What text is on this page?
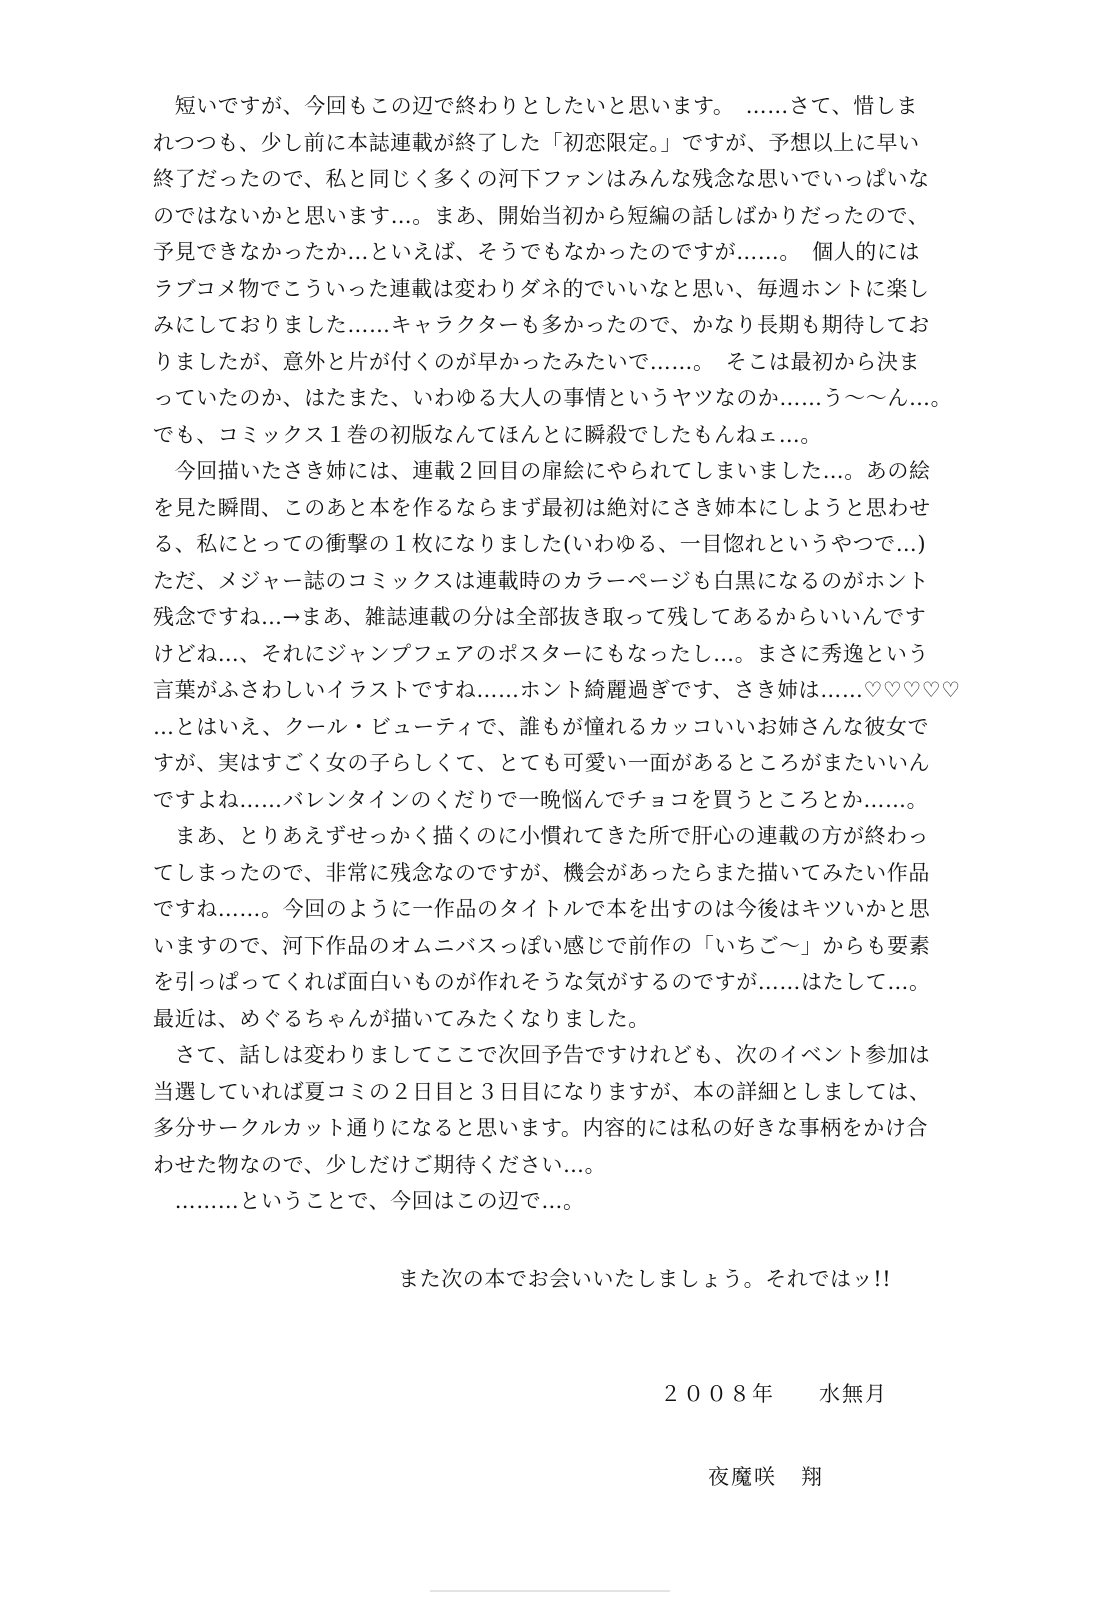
　短いですが、今回もこの辺で終わりとしたいと思います。　……さて、惜しま
れつつも、少し前に本誌連載が終了した「初恋限定。」ですが、予想以上に早い
終了だったので、私と同じく多くの河下ファンはみんな残念な思いでいっぱいな
のではないかと思います…。まあ、開始当初から短編の話しばかりだったので、
予見できなかったか…といえば、そうでもなかったのですが……。　個人的には
ラブコメ物でこういった連載は変わりダネ的でいいなと思い、毎週ホントに楽し
みにしておりました……キャラクターも多かったので、かなり長期も期待してお
りましたが、意外と片が付くのが早かったみたいで……。　そこは最初から決ま
っていたのか、はたまた、いわゆる大人の事情というヤツなのか……う〜〜ん…。
でも、コミックス１巻の初版なんてほんとに瞬殺でしたもんねェ…。
　今回描いたさき姉には、連載２回目の扉絵にやられてしまいました…。あの絵
を見た瞬間、このあと本を作るならまず最初は絶対にさき姉本にしようと思わせ
る、私にとっての衝撃の１枚になりました(いわゆる、一目惚れというやつで…)
ただ、メジャー誌のコミックスは連載時のカラーページも白黒になるのがホント
残念ですね…→まあ、雑誌連載の分は全部抜き取って残してあるからいいんです
けどね…、それにジャンプフェアのポスターにもなったし…。まさに秀逸という
言葉がふさわしいイラストですね……ホント綺麗過ぎです、さき姉は……♡♡♡♡♡
…とはいえ、クール・ビューティで、誰もが憧れるカッコいいお姉さんな彼女で
すが、実はすごく女の子らしくて、とても可愛い一面があるところがまたいいん
ですよね……バレンタインのくだりで一晩悩んでチョコを買うところとか……。
　まあ、とりあえずせっかく描くのに小慣れてきた所で肝心の連載の方が終わっ
てしまったので、非常に残念なのですが、機会があったらまた描いてみたい作品
ですね……。今回のように一作品のタイトルで本を出すのは今後はキツいかと思
いますので、河下作品のオムニバスっぽい感じで前作の「いちご〜」からも要素
を引っぱってくれば面白いものが作れそうな気がするのですが……はたして…。
最近は、めぐるちゃんが描いてみたくなりました。
　さて、話しは変わりましてここで次回予告ですけれども、次のイベント参加は
当選していれば夏コミの２日目と３日目になりますが、本の詳細としましては、
多分サークルカット通りになると思います。内容的には私の好きな事柄をかけ合
わせた物なので、少しだけご期待ください…。
　………ということで、今回はこの辺で…。
また次の本でお会いいたしましょう。それではッ!!
２００８年 水無月
夜魔咲 翔
